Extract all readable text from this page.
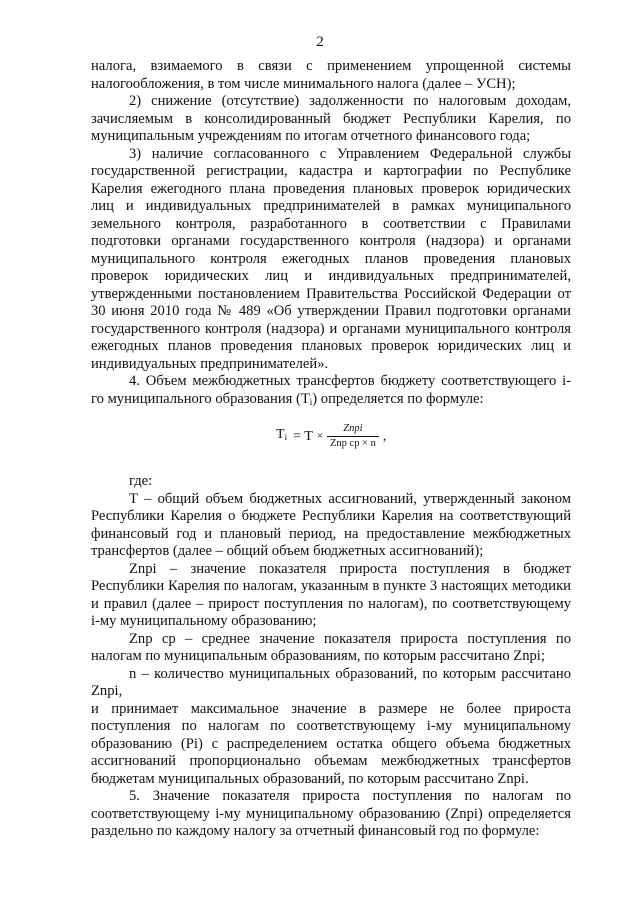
2

налога, взимаемого в связи с применением упрощенной системы налогообложения, в том числе минимального налога (далее – УСН);

2) снижение (отсутствие) задолженности по налоговым доходам, зачисляемым в консолидированный бюджет Республики Карелия, по муниципальным учреждениям по итогам отчетного финансового года;

3) наличие согласованного с Управлением Федеральной службы государственной регистрации, кадастра и картографии по Республике Карелия ежегодного плана проведения плановых проверок юридических лиц и индивидуальных предпринимателей в рамках муниципального земельного контроля, разработанного в соответствии с Правилами подготовки органами государственного контроля (надзора) и органами муниципального контроля ежегодных планов проведения плановых проверок юридических лиц и индивидуальных предпринимателей, утвержденными постановлением Правительства Российской Федерации от 30 июня 2010 года № 489 «Об утверждении Правил подготовки органами государственного контроля (надзора) и органами муниципального контроля ежегодных планов проведения плановых проверок юридических лиц и индивидуальных предпринимателей».

4. Объем межбюджетных трансфертов бюджету соответствующего i-го муниципального образования $(T_i)$ определяется по формуле:

$T_i = T \times \frac{\text{Znpi}}{\text{Znp cp × n}}$ ,

где:

T – общий объем бюджетных ассигнований, утвержденный законом Республики Карелия о бюджете Республики Карелия на соответствующий финансовый год и плановый период, на предоставление межбюджетных трансфертов (далее – общий объем бюджетных ассигнований);

Znpi – значение показателя прироста поступления в бюджет Республики Карелия по налогам, указанным в пункте 3 настоящих методики и правил (далее – прирост поступления по налогам), по соответствующему i-му муниципальному образованию;

Znp cp – среднее значение показателя прироста поступления по налогам по муниципальным образованиям, по которым рассчитано Znpi;

n – количество муниципальных образований, по которым рассчитано Znpi,

и принимает максимальное значение в размере не более прироста поступления по налогам по соответствующему i-му муниципальному образованию (Pi) с распределением остатка общего объема бюджетных ассигнований пропорционально объемам межбюджетных трансфертов бюджетам муниципальных образований, по которым рассчитано Znpi.

5. Значение показателя прироста поступления по налогам по соответствующему i-му муниципальному образованию (Znpi) определяется раздельно по каждому налогу за отчетный финансовый год по формуле:
